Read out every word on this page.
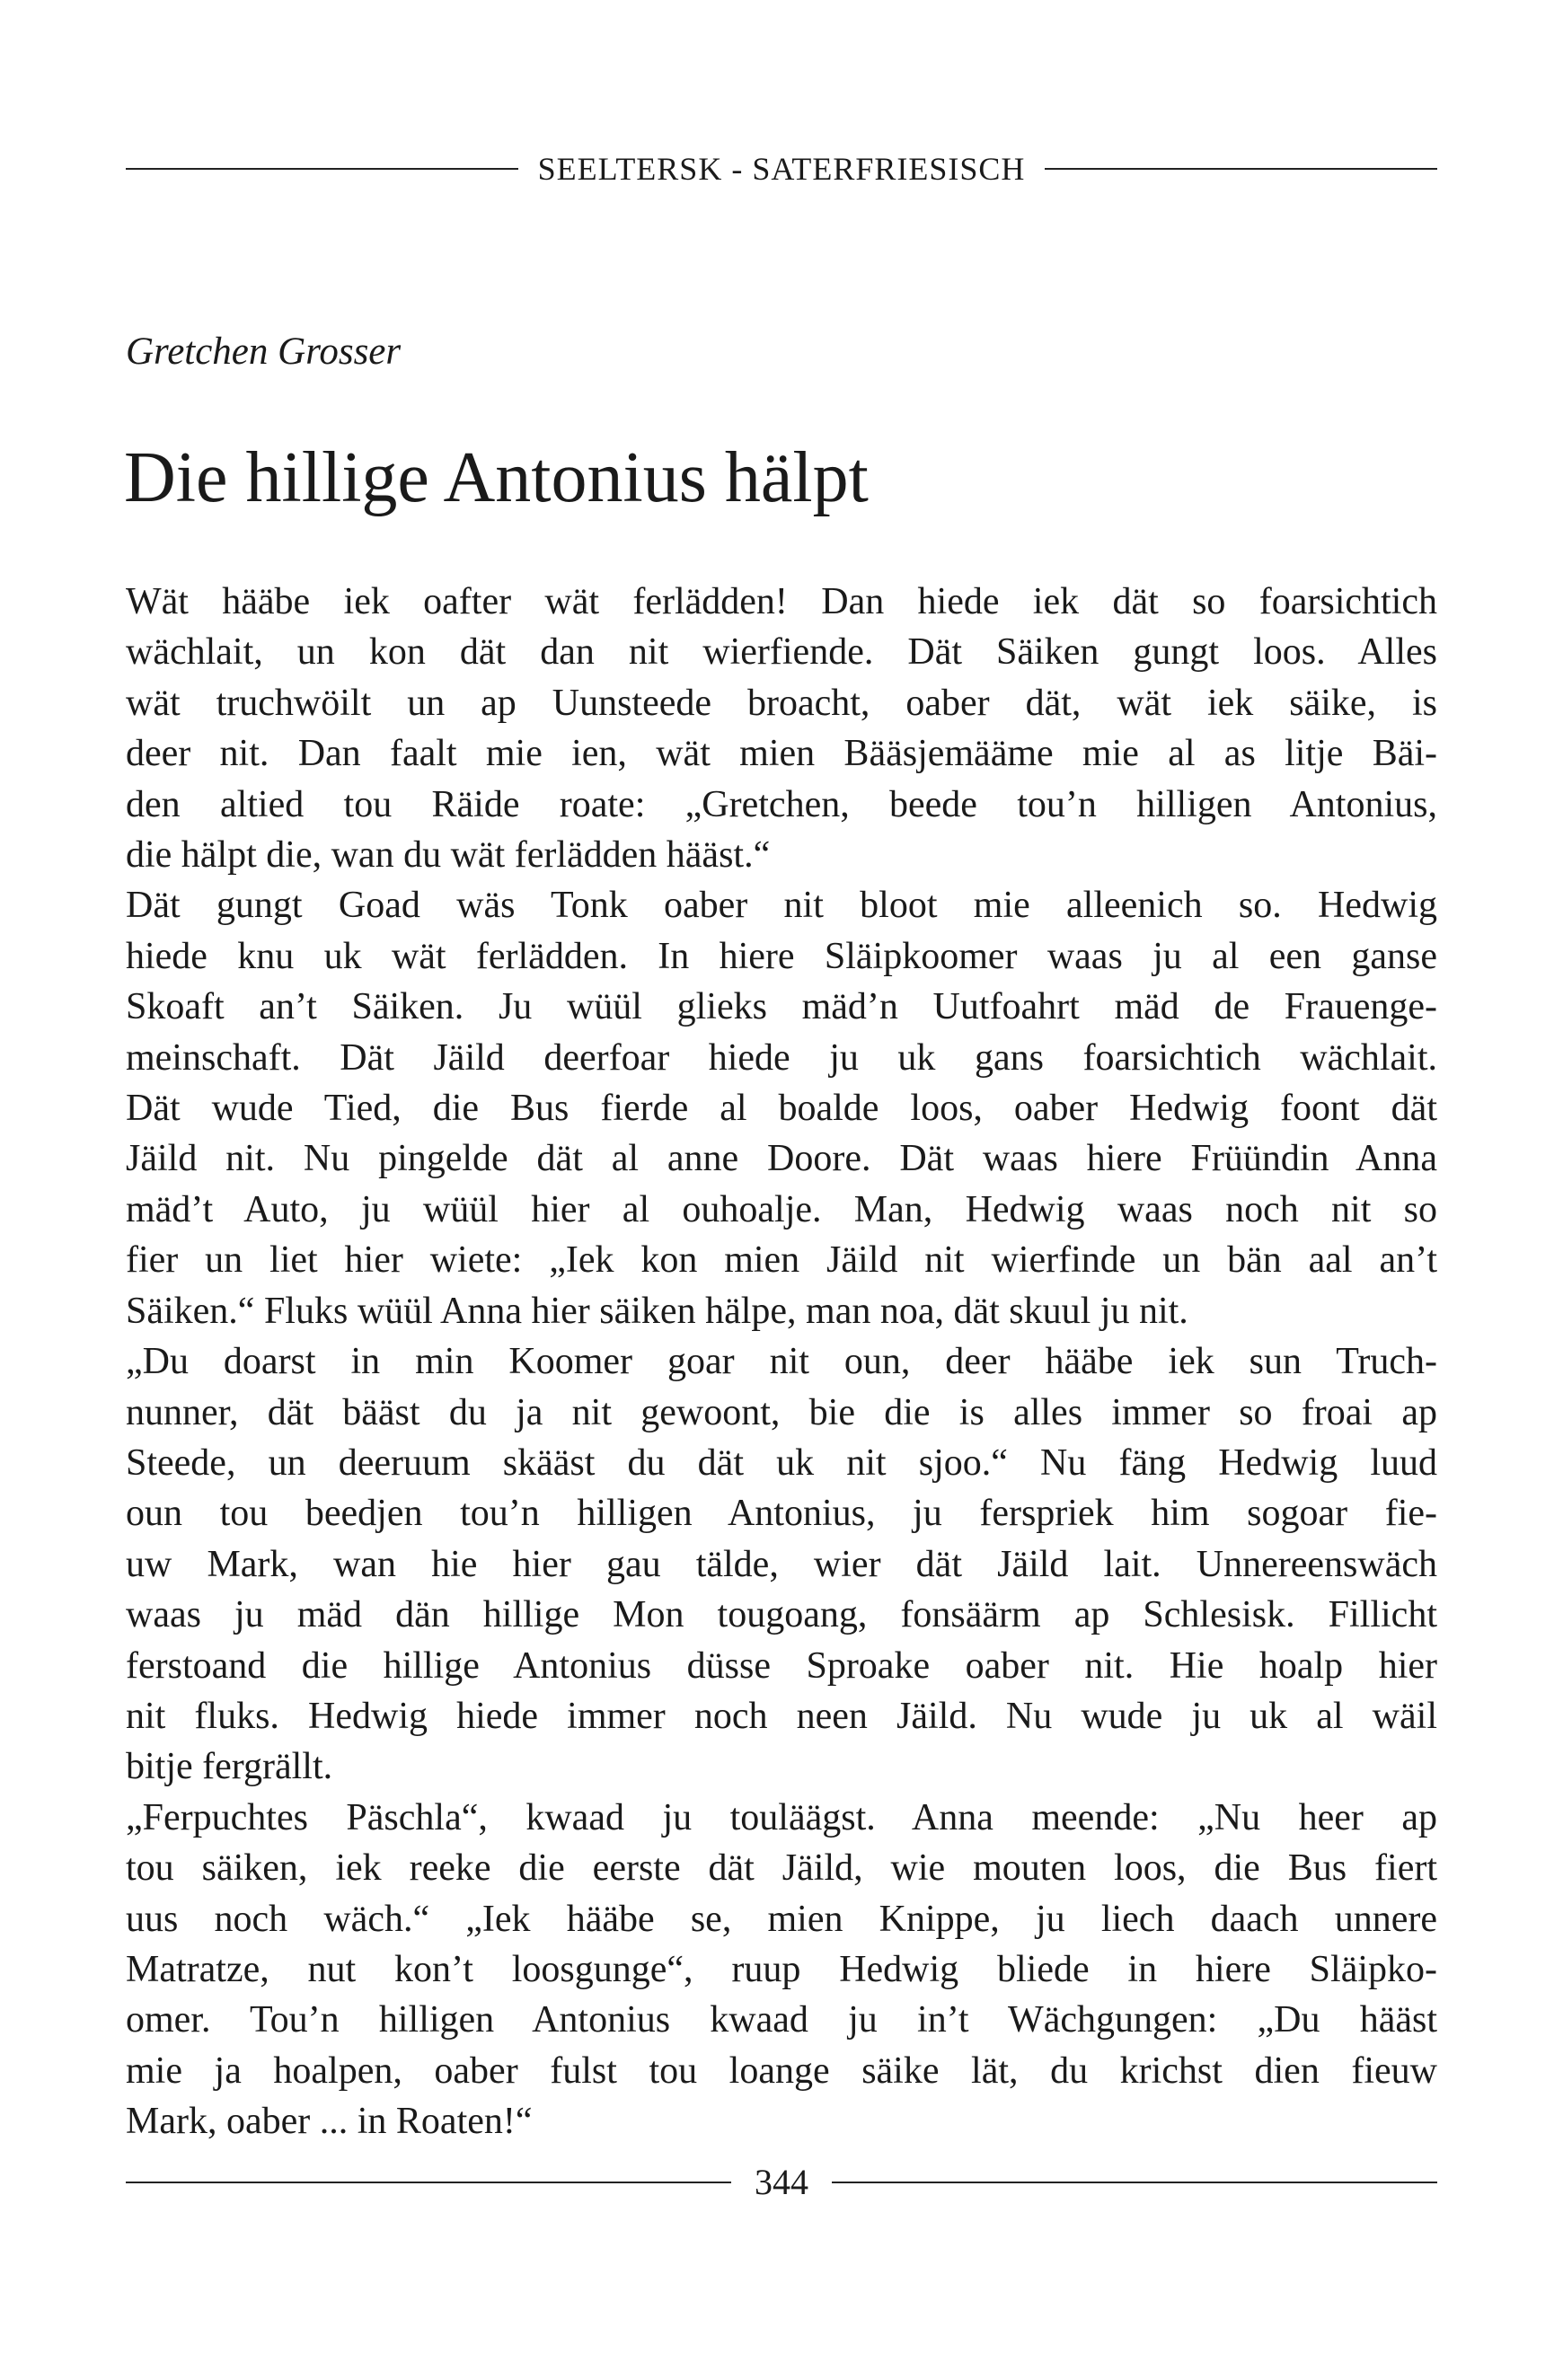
SEELTERSK - SATERFRIESISCH
Gretchen Grosser
Die hillige Antonius hälpt

Wät hääbe iek oafter wät ferlädden! Dan hiede iek dät so foarsichtich
wächlait, un kon dät dan nit wierfiende. Dät Säiken gungt loos. Alles
wät truchwöilt un ap Uunsteede broacht, oaber dät, wät iek säike, is
deer nit. Dan faalt mie ien, wät mien Bääsjemääme mie al as litje Bäi-
den altied tou Räide roate: „Gretchen, beede tou’n hilligen Antonius,
die hälpt die, wan du wät ferlädden hääst.“

Dät gungt Goad wäs Tonk oaber nit bloot mie alleenich so. Hedwig
hiede knu uk wät ferlädden. In hiere Släipkoomer waas ju al een ganse
Skoaft an’t Säiken. Ju wüül glieks mäd’n Uutfoahrt mäd de Frauenge-
meinschaft. Dät Jäild deerfoar hiede ju uk gans foarsichtich wächlait.
Dät wude Tied, die Bus fierde al boalde loos, oaber Hedwig foont dät
Jäild nit. Nu pingelde dät al anne Doore. Dät waas hiere Früündin Anna
mäd’t Auto, ju wüül hier al ouhoalje. Man, Hedwig waas noch nit so
fier un liet hier wiete: „Iek kon mien Jäild nit wierfinde un bän aal an’t
Säiken.“ Fluks wüül Anna hier säiken hälpe, man noa, dät skuul ju nit.

„Du doarst in min Koomer goar nit oun, deer hääbe iek sun Truch-
nunner, dät bääst du ja nit gewoont, bie die is alles immer so froai ap
Steede, un deeruum skääst du dät uk nit sjoo.“ Nu fäng Hedwig luud
oun tou beedjen tou’n hilligen Antonius, ju ferspriek him sogoar fie-
uw Mark, wan hie hier gau tälde, wier dät Jäild lait. Unnereenswäch
waas ju mäd dän hillige Mon tougoang, fonsäärm ap Schlesisk. Fillicht
ferstoand die hillige Antonius düsse Sproake oaber nit. Hie hoalp hier
nit fluks. Hedwig hiede immer noch neen Jäild. Nu wude ju uk al wäil
bitje fergrällt.

„Ferpuchtes Päschla“, kwaad ju touläägst. Anna meende: „Nu heer ap
tou säiken, iek reeke die eerste dät Jäild, wie mouten loos, die Bus fiert
uus noch wäch.“ „Iek hääbe se, mien Knippe, ju liech daach unnere
Matratze, nut kon’t loosgunge“, ruup Hedwig bliede in hiere Släipko-
omer. Tou’n hilligen Antonius kwaad ju in’t Wächgungen: „Du hääst
mie ja hoalpen, oaber fulst tou loange säike lät, du krichst dien fieuw
Mark, oaber ... in Roaten!“

344
